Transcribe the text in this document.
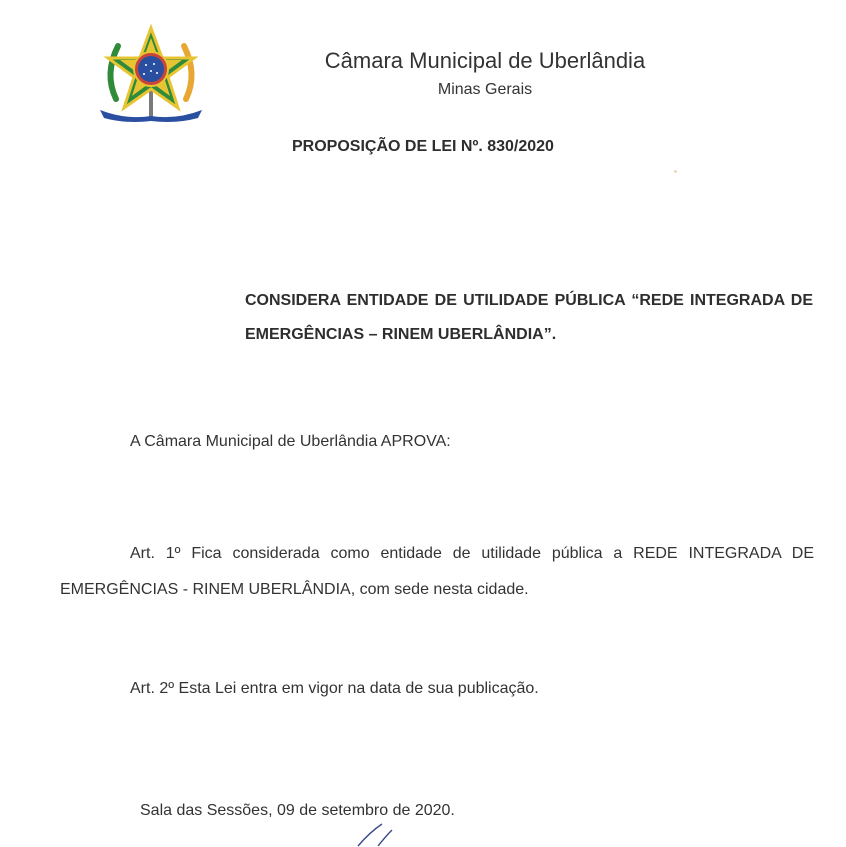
Câmara Municipal de Uberlândia
Minas Gerais
PROPOSIÇÃO DE LEI Nº. 830/2020
CONSIDERA ENTIDADE DE UTILIDADE PÚBLICA “REDE INTEGRADA DE EMERGÊNCIAS – RINEM UBERLÂNDIA”.
A Câmara Municipal de Uberlândia APROVA:
Art. 1º Fica considerada como entidade de utilidade pública a REDE INTEGRADA DE EMERGÊNCIAS - RINEM UBERLÂNDIA, com sede nesta cidade.
Art. 2º Esta Lei entra em vigor na data de sua publicação.
Sala das Sessões, 09 de setembro de 2020.
